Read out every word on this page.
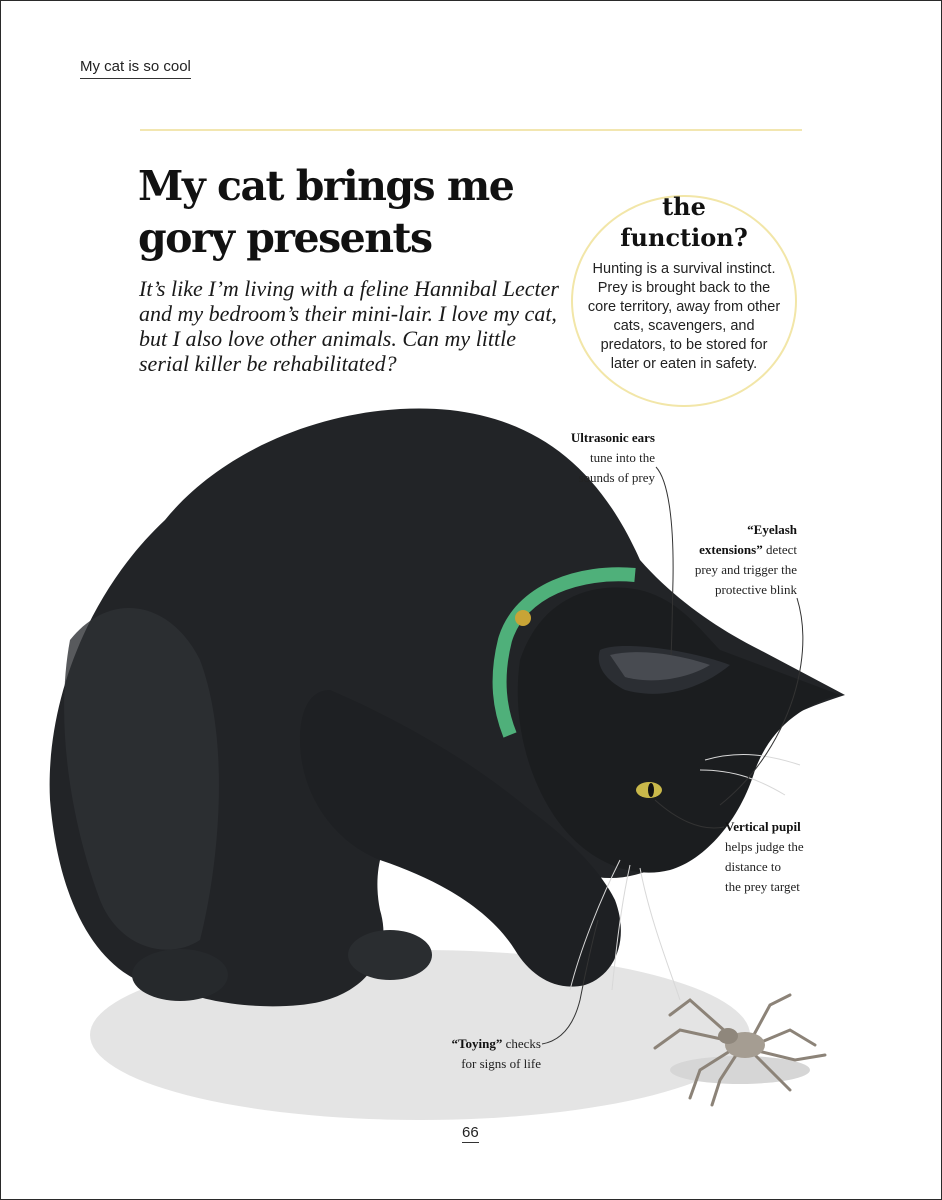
My cat is so cool
My cat brings me gory presents

It’s like I’m living with a feline Hannibal Lecter and my bedroom’s their mini-lair. I love my cat, but I also love other animals. Can my little serial killer be rehabilitated?

the
function?

Hunting is a survival instinct. Prey is brought back to the core territory, away from other cats, scavengers, and predators, to be stored for later or eaten in safety.

Ultrasonic ears
tune into the
sounds of prey

“Eyelash
extensions” detect
prey and trigger the
protective blink

Vertical pupil
helps judge the
distance to
the prey target

“Toying” checks
for signs of life

66
